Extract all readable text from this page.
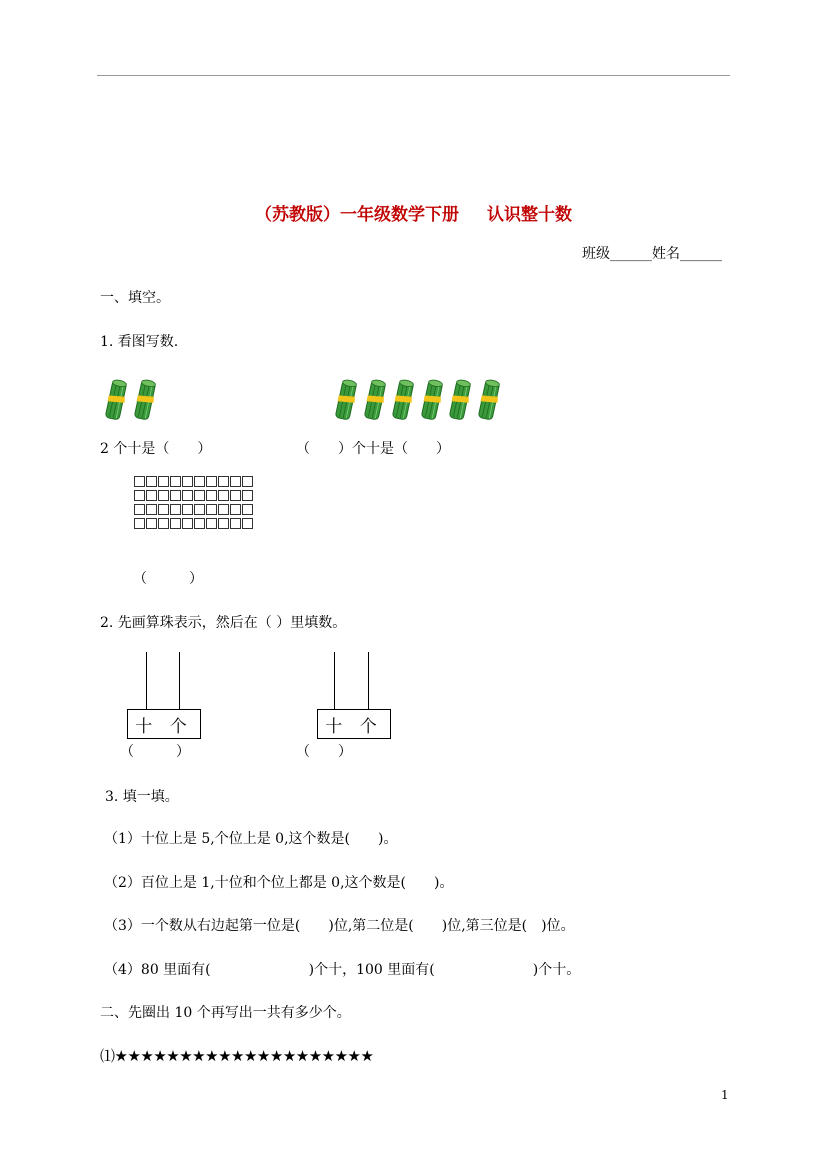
（苏教版）一年级数学下册 认识整十数
班级______姓名______
一、填空。
1. 看图写数.
2 个十是（　　）	（　　）个十是（　　）
（　　　）
2. 先画算珠表示，然后在（ ）里填数。
十 个	十 个
（　　　）	（　　）
3. 填一填。
（1）十位上是 5,个位上是 0,这个数是(　　)。
（2）百位上是 1,十位和个位上都是 0,这个数是(　　)。
（3）一个数从右边起第一位是(　　)位,第二位是(　　)位,第三位是(　)位。
（4）80 里面有(　　　　　　　)个十，100 里面有(　　　　　　　)个十。
二、先圈出 10 个再写出一共有多少个。
⑴★★★★★★★★★★★★★★★★★★★★
1
